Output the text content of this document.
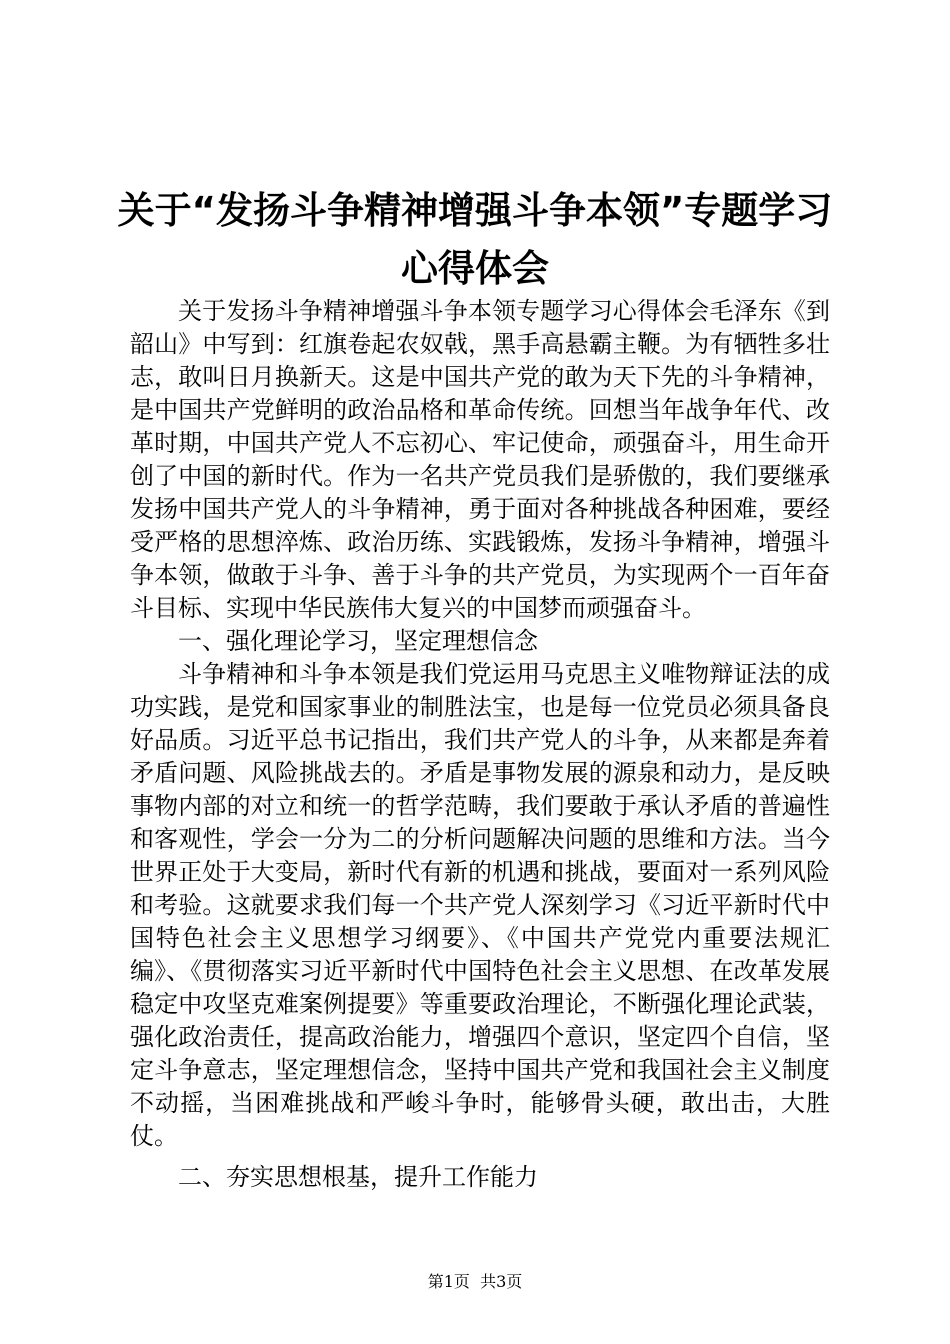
关于“发扬斗争精神增强斗争本领”专题学习
心得体会

关于发扬斗争精神增强斗争本领专题学习心得体会毛泽东《到韶山》中写到：红旗卷起农奴戟，黑手高悬霸主鞭。为有牺牲多壮志，敢叫日月换新天。这是中国共产党的敢为天下先的斗争精神，是中国共产党鲜明的政治品格和革命传统。回想当年战争年代、改革时期，中国共产党人不忘初心、牢记使命，顽强奋斗，用生命开创了中国的新时代。作为一名共产党员我们是骄傲的，我们要继承发扬中国共产党人的斗争精神，勇于面对各种挑战各种困难，要经受严格的思想淬炼、政治历练、实践锻炼，发扬斗争精神，增强斗争本领，做敢于斗争、善于斗争的共产党员，为实现两个一百年奋斗目标、实现中华民族伟大复兴的中国梦而顽强奋斗。

一、强化理论学习，坚定理想信念

斗争精神和斗争本领是我们党运用马克思主义唯物辩证法的成功实践，是党和国家事业的制胜法宝，也是每一位党员必须具备良好品质。习近平总书记指出，我们共产党人的斗争，从来都是奔着矛盾问题、风险挑战去的。矛盾是事物发展的源泉和动力，是反映事物内部的对立和统一的哲学范畴，我们要敢于承认矛盾的普遍性和客观性，学会一分为二的分析问题解决问题的思维和方法。当今世界正处于大变局，新时代有新的机遇和挑战，要面对一系列风险和考验。这就要求我们每一个共产党人深刻学习《习近平新时代中国特色社会主义思想学习纲要》、《中国共产党党内重要法规汇编》、《贯彻落实习近平新时代中国特色社会主义思想、在改革发展稳定中攻坚克难案例提要》等重要政治理论，不断强化理论武装，强化政治责任，提高政治能力，增强四个意识，坚定四个自信，坚定斗争意志，坚定理想信念，坚持中国共产党和我国社会主义制度不动摇，当困难挑战和严峻斗争时，能够骨头硬，敢出击，大胜仗。

二、夯实思想根基，提升工作能力

第1页  共3页
